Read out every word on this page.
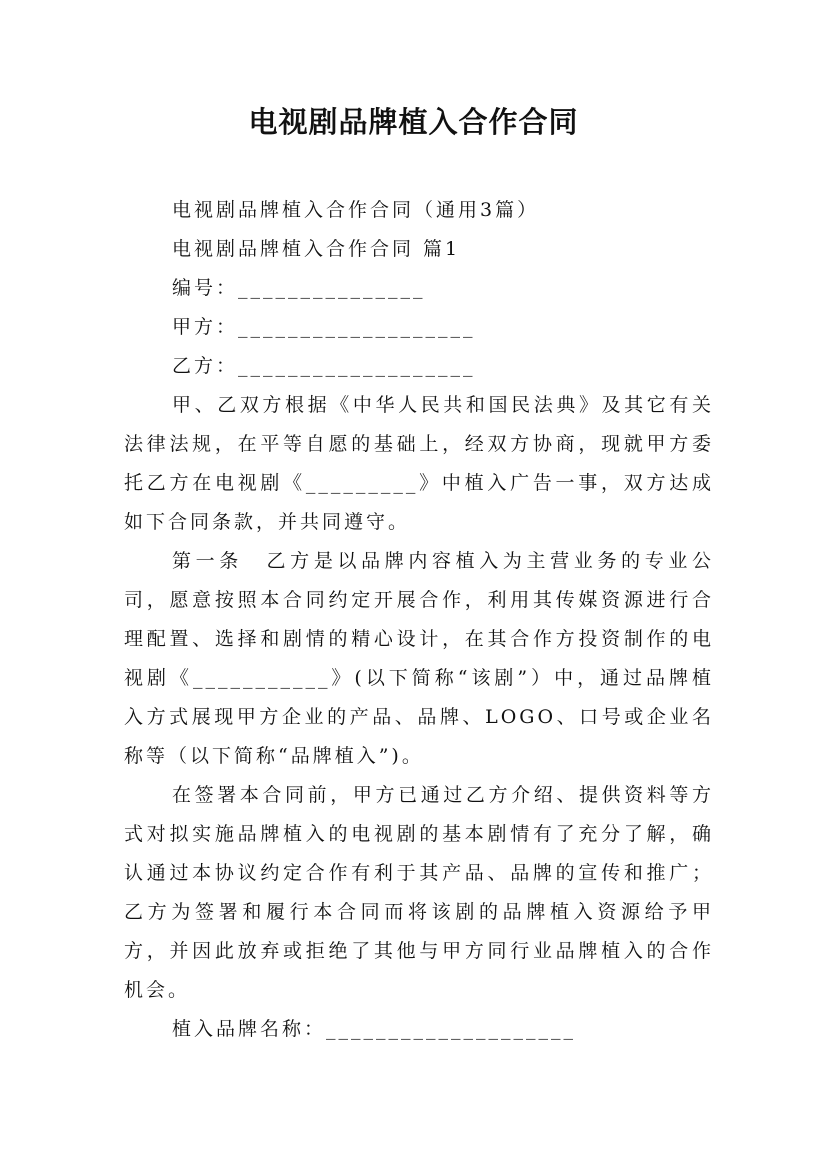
电视剧品牌植入合作合同

电视剧品牌植入合作合同（通用3篇）

电视剧品牌植入合作合同 篇1

编号：_______________

甲方：___________________

乙方：___________________

甲、乙双方根据《中华人民共和国民法典》及其它有关法律法规，在平等自愿的基础上，经双方协商，现就甲方委托乙方在电视剧《_________》中植入广告一事，双方达成如下合同条款，并共同遵守。

第一条　乙方是以品牌内容植入为主营业务的专业公司，愿意按照本合同约定开展合作，利用其传媒资源进行合理配置、选择和剧情的精心设计，在其合作方投资制作的电视剧《___________》(以下简称“该剧”）中，通过品牌植入方式展现甲方企业的产品、品牌、LOGO、口号或企业名称等（以下简称“品牌植入”)。

在签署本合同前，甲方已通过乙方介绍、提供资料等方式对拟实施品牌植入的电视剧的基本剧情有了充分了解，确认通过本协议约定合作有利于其产品、品牌的宣传和推广；乙方为签署和履行本合同而将该剧的品牌植入资源给予甲方，并因此放弃或拒绝了其他与甲方同行业品牌植入的合作机会。

植入品牌名称：____________________
